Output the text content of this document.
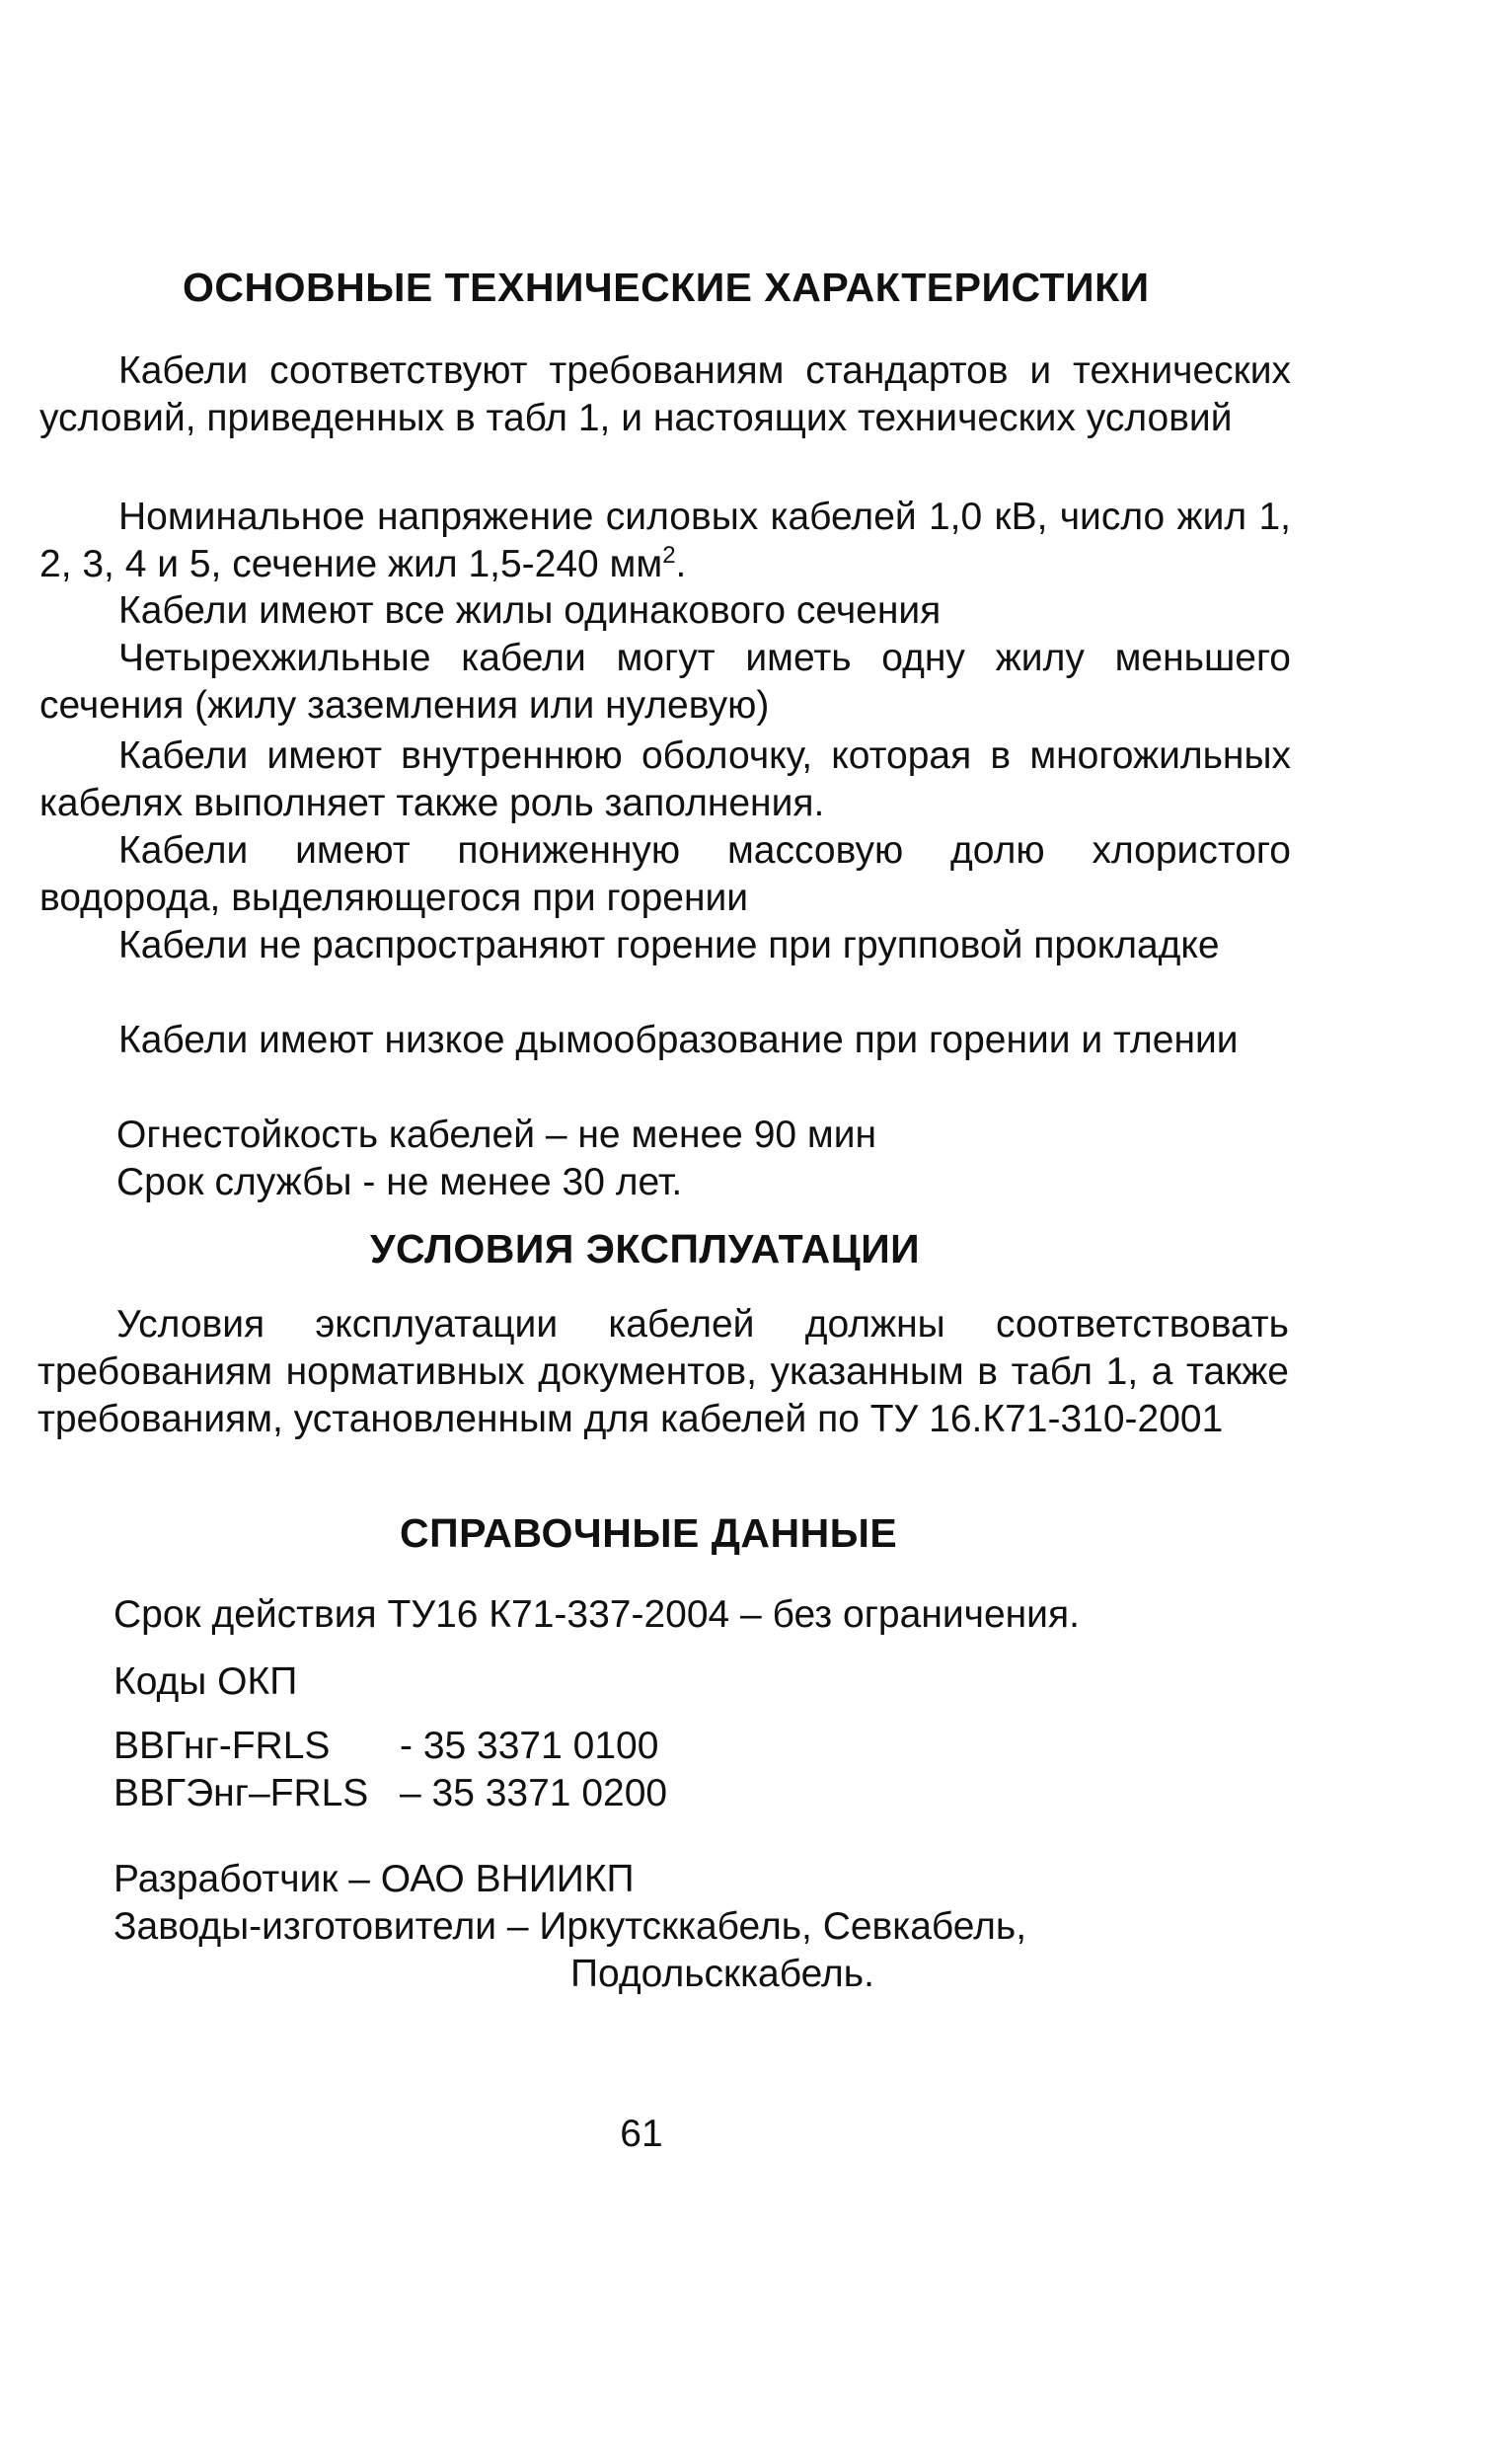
ОСНОВНЫЕ ТЕХНИЧЕСКИЕ ХАРАКТЕРИСТИКИ

Кабели соответствуют требованиям стандартов и технических условий, приведенных в табл 1, и настоящих технических условий

Номинальное напряжение силовых кабелей 1,0 кВ, число жил 1, 2, 3, 4 и 5, сечение жил 1,5-240 $мм^2$.

Кабели имеют все жилы одинакового сечения

Четырехжильные кабели могут иметь одну жилу меньшего сечения (жилу заземления или нулевую)

Кабели имеют внутреннюю оболочку, которая в многожильных кабелях выполняет также роль заполнения.

Кабели имеют пониженную массовую долю хлористого водорода, выделяющегося при горении

Кабели не распространяют горение при групповой прокладке

Кабели имеют низкое дымообразование при горении и тлении

Огнестойкость кабелей – не менее 90 мин

Срок службы - не менее 30 лет.

УСЛОВИЯ ЭКСПЛУАТАЦИИ

Условия эксплуатации кабелей должны соответствовать требованиям нормативных документов, указанным в табл 1, а также требованиям, установленным для кабелей по ТУ 16.К71-310-2001

СПРАВОЧНЫЕ ДАННЫЕ

Срок действия ТУ16 К71-337-2004 – без ограничения.

Коды ОКП

ВВГнг-FRLS - 35 3371 0100
ВВГЭнг–FRLS – 35 3371 0200

Разработчик – ОАО ВНИИКП

Заводы-изготовители – Иркутсккабель, Севкабель,

Подольсккабель.

61
